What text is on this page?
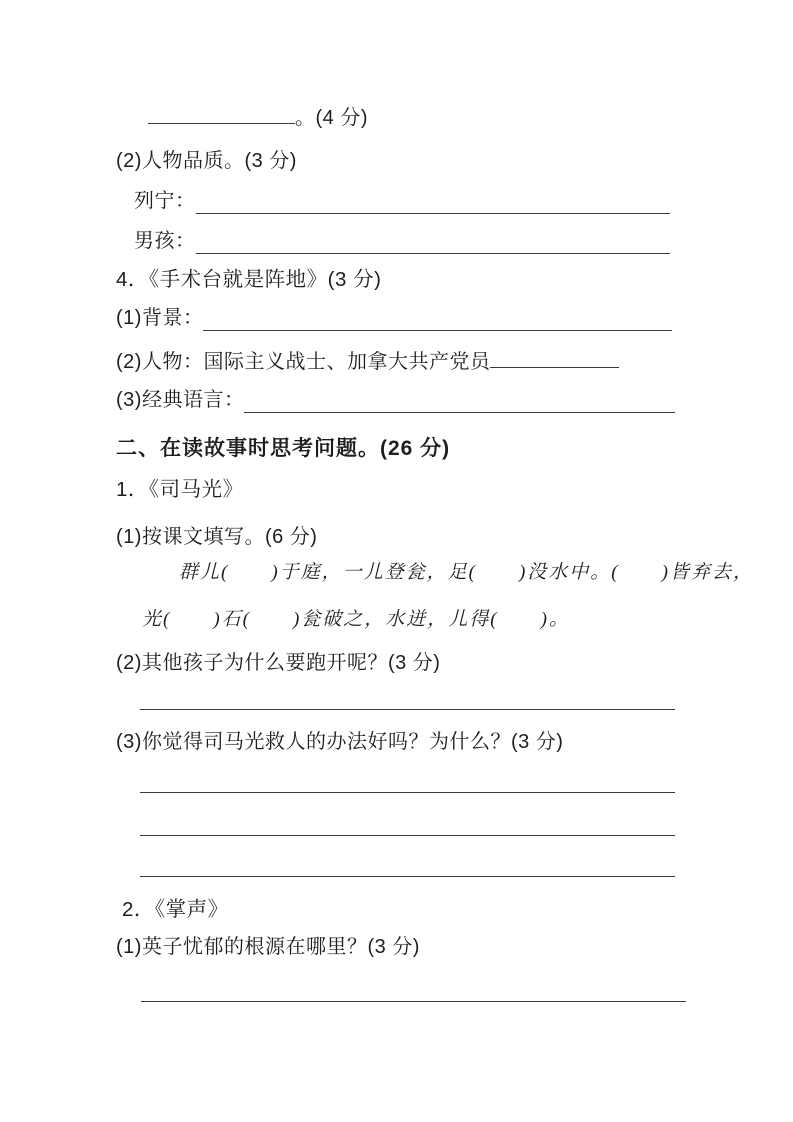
。(4 分)
(2)人物品质。(3 分)
列宁：
男孩：
4．《手术台就是阵地》(3 分)
(1)背景：
(2)人物：国际主义战士、加拿大共产党员
(3)经典语言：
二、在读故事时思考问题。(26 分)
1．《司马光》
(1)按课文填写。(6 分)
群儿(　　)于庭，一儿登瓮，足(　　)没水中。(　　)皆弃去，
光(　　)石(　　)瓮破之，水迸，儿得(　　)。
(2)其他孩子为什么要跑开呢？(3 分)
(3)你觉得司马光救人的办法好吗？为什么？(3 分)
2．《掌声》
(1)英子忧郁的根源在哪里？(3 分)
